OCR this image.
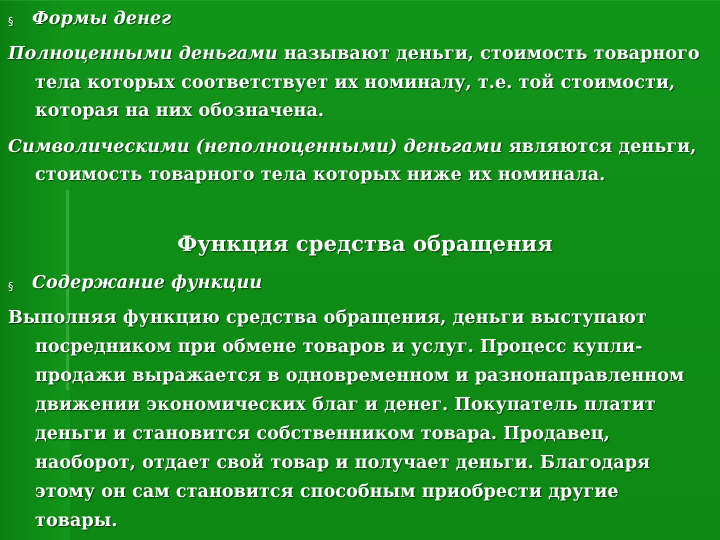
§ Формы денег
Полноценными деньгами называют деньги, стоимость товарного
тела которых соответствует их номиналу, т.е. той стоимости,
которая на них обозначена.
Символическими (неполноценными) деньгами являются деньги,
стоимость товарного тела которых ниже их номинала.
Функция средства обращения
§ Содержание функции
Выполняя функцию средства обращения, деньги выступают
посредником при обмене товаров и услуг. Процесс купли-
продажи выражается в одновременном и разнонаправленном
движении экономических благ и денег. Покупатель платит
деньги и становится собственником товара. Продавец,
наоборот, отдает свой товар и получает деньги. Благодаря
этому он сам становится способным приобрести другие
товары.
